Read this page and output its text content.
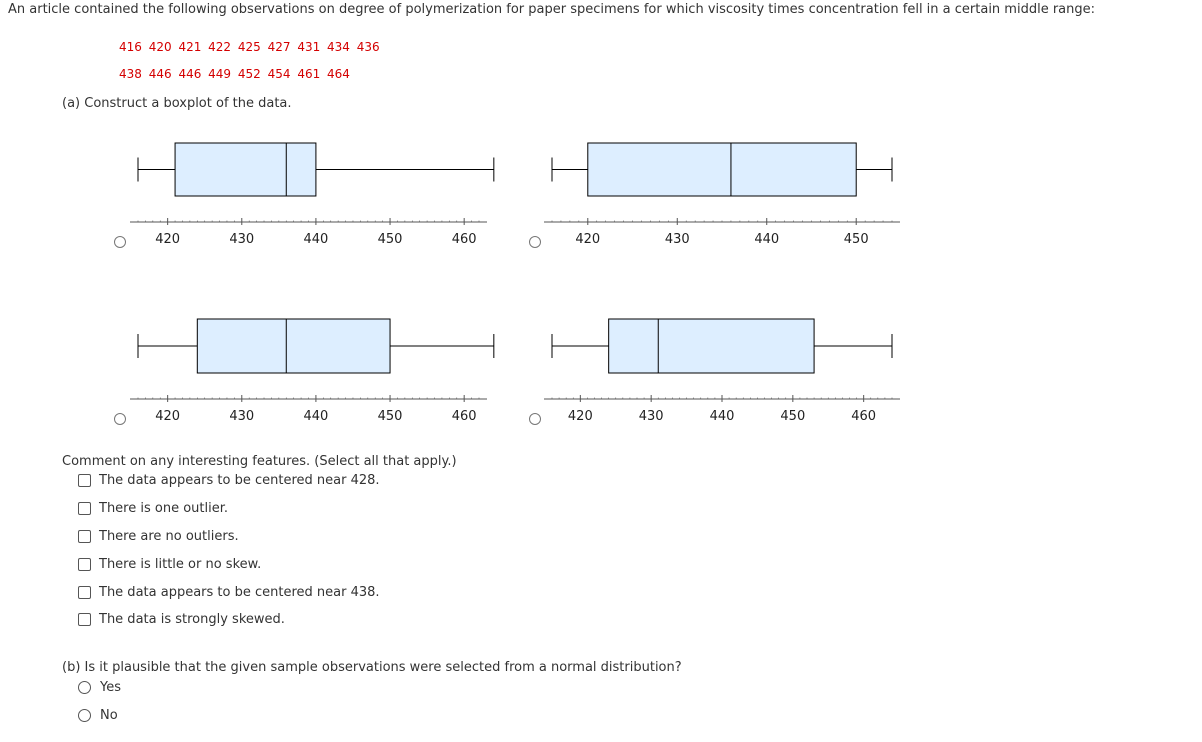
An article contained the following observations on degree of polymerization for paper specimens for which viscosity times concentration fell in a certain middle range:
416 420 421 422 425 427 431 434 436
438 446 446 449 452 454 461 464
(a) Construct a boxplot of the data.
420	430	440	450	460	420	430	440	450
420	430	440	450	460	420	430	440	450	460
Comment on any interesting features. (Select all that apply.)
The data appears to be centered near 428.
There is one outlier.
There are no outliers.
There is little or no skew.
The data appears to be centered near 438.
The data is strongly skewed.
(b) Is it plausible that the given sample observations were selected from a normal distribution?
Yes
No
